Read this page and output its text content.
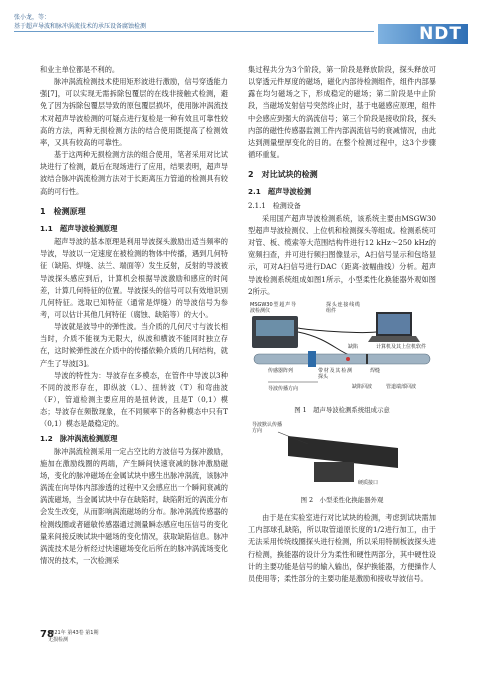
张小龙，等：
基于超声导波和脉冲涡流技术的承压设备腐蚀检测	NDT

和业主单位都是不利的。

脉冲涡流检测技术使用矩形波进行激励，信号穿透能力强[7]，可以实现无需拆除包覆层的在线非接触式检测，避免了因为拆除包覆层导致的原包覆层损坏，使用脉冲涡流技术对超声导波检测的可疑点进行复检是一种有效且可靠性较高的方法，两种无损检测方法的结合使用既提高了检测效率，又具有较高的可靠性。

基于这两种无损检测方法的组合使用，笔者采用对比试块进行了检测，最后在现场进行了应用，结果表明，超声导波结合脉冲涡流检测方法对于长距离压力管道的检测具有较高的可行性。

1　检测原理
1.1　超声导波检测原理

超声导波的基本原理是利用导波探头激励出适当频率的导波，导波以一定速度在被检测的物体中传播，遇到几何特征（缺陷、焊缝、法兰、端面等）发生反射，反射的导波被导波探头感应到后，计算机会根据导波激励和感应的时间差，计算几何特征的位置。导波探头的信号可以有效地识别几何特征。选取已知特征（通常是焊缝）的导波信号为参考，可以估计其他几何特征（腐蚀、缺陷等）的大小。

导波就是波导中的弹性波。当介质的几何尺寸与波长相当时，介质不能视为无限大，纵波和横波不能同时独立存在，这时候弹性波在介质中的传播依赖介质的几何结构，就产生了导波[3]。

导波的特性为：导波存在多模态，在管件中导波以3种不同的波形存在，即纵波（L）、扭转波（T）和弯曲波（F），管道检测主要应用的是扭转波，且是T（0,1）模态；导波存在频散现象，在不同频率下的各种模态中只有T（0,1）模态是最稳定的。

1.2　脉冲涡流检测原理

脉冲涡流检测采用一定占空比的方波信号为探冲激励，施加在激励线圈的两端，产生瞬间快速衰减的脉冲激励磁场，变化的脉冲磁场在金属试块中感生出脉冲涡流，该脉冲涡流在向导体内部渗透的过程中又会感应出一个瞬间衰减的涡流磁场，当金属试块中存在缺陷时，缺陷附近的涡流分布会发生改变，从而影响涡流磁场的分布。脉冲涡流传感器的检测线圈或者磁敏传感器通过测量瞬态感应电压信号的变化量来间接反映试块中磁场的变化情况，获取缺陷信息。脉冲涡流技术是分析经过快速磁场变化后所在的脉冲涡流场变化情况的技术，一次检测采

集过程共分为3个阶段，第一阶段是释放阶段，探头释放可以穿透元件厚度的磁场，磁化内部待检测组件，组件内部暴露在均匀磁场之下，形成稳定的磁场；第二阶段是中止阶段，当磁场发射信号突然终止时，基于电磁感应原理，组件中会感应到强大的涡流信号；第三个阶段是接收阶段，探头内部的磁性传感器监测工件内部涡流信号的衰减情况，由此达到测量壁厚变化的目的。在整个检测过程中，这3个步骤循环重复。

2　对比试块的检测
2.1　超声导波检测
2.1.1　检测设备

采用国产超声导波检测系统，该系统主要由MSGW30型超声导波检测仪、上位机和检测探头等组成。检测系统可对管、板、缆索等大范围结构件进行12 kHz～250 kHz的宽频扫查，并可进行频扫图像显示，A扫信号显示和包络显示，可对A扫信号进行DAC（距离-波幅曲线）分析。超声导波检测系统组成如图1所示，小型柔性化换能器外观如图2所示。

MSGW30型超声导波检测仪
探头连接线缆组件
计算机及其上位机软件
传感器阵列	带材及其检测探头
缺陷
焊缝
缺陷回波	管道端部回波
导波传播方向
图 1　超声导波检测系统组成示意
导波默认传播方向
硬质接口
图 2　小型柔性化换能器外观

由于是在实验室进行对比试块的检测，考虑到试块需加工内部球孔缺陷，所以取管道原长度的1/2进行加工，由于无法采用传统线圈探头进行检测，所以采用特制板波探头进行检测，换能器的设计分为柔性和硬性两部分，其中硬性设计的主要功能是信号的输入输出，保护换能器，方便操作人员使用等；柔性部分的主要功能是激励和接收导波信号。

78
2021年 第43卷 第1期
无损检测
